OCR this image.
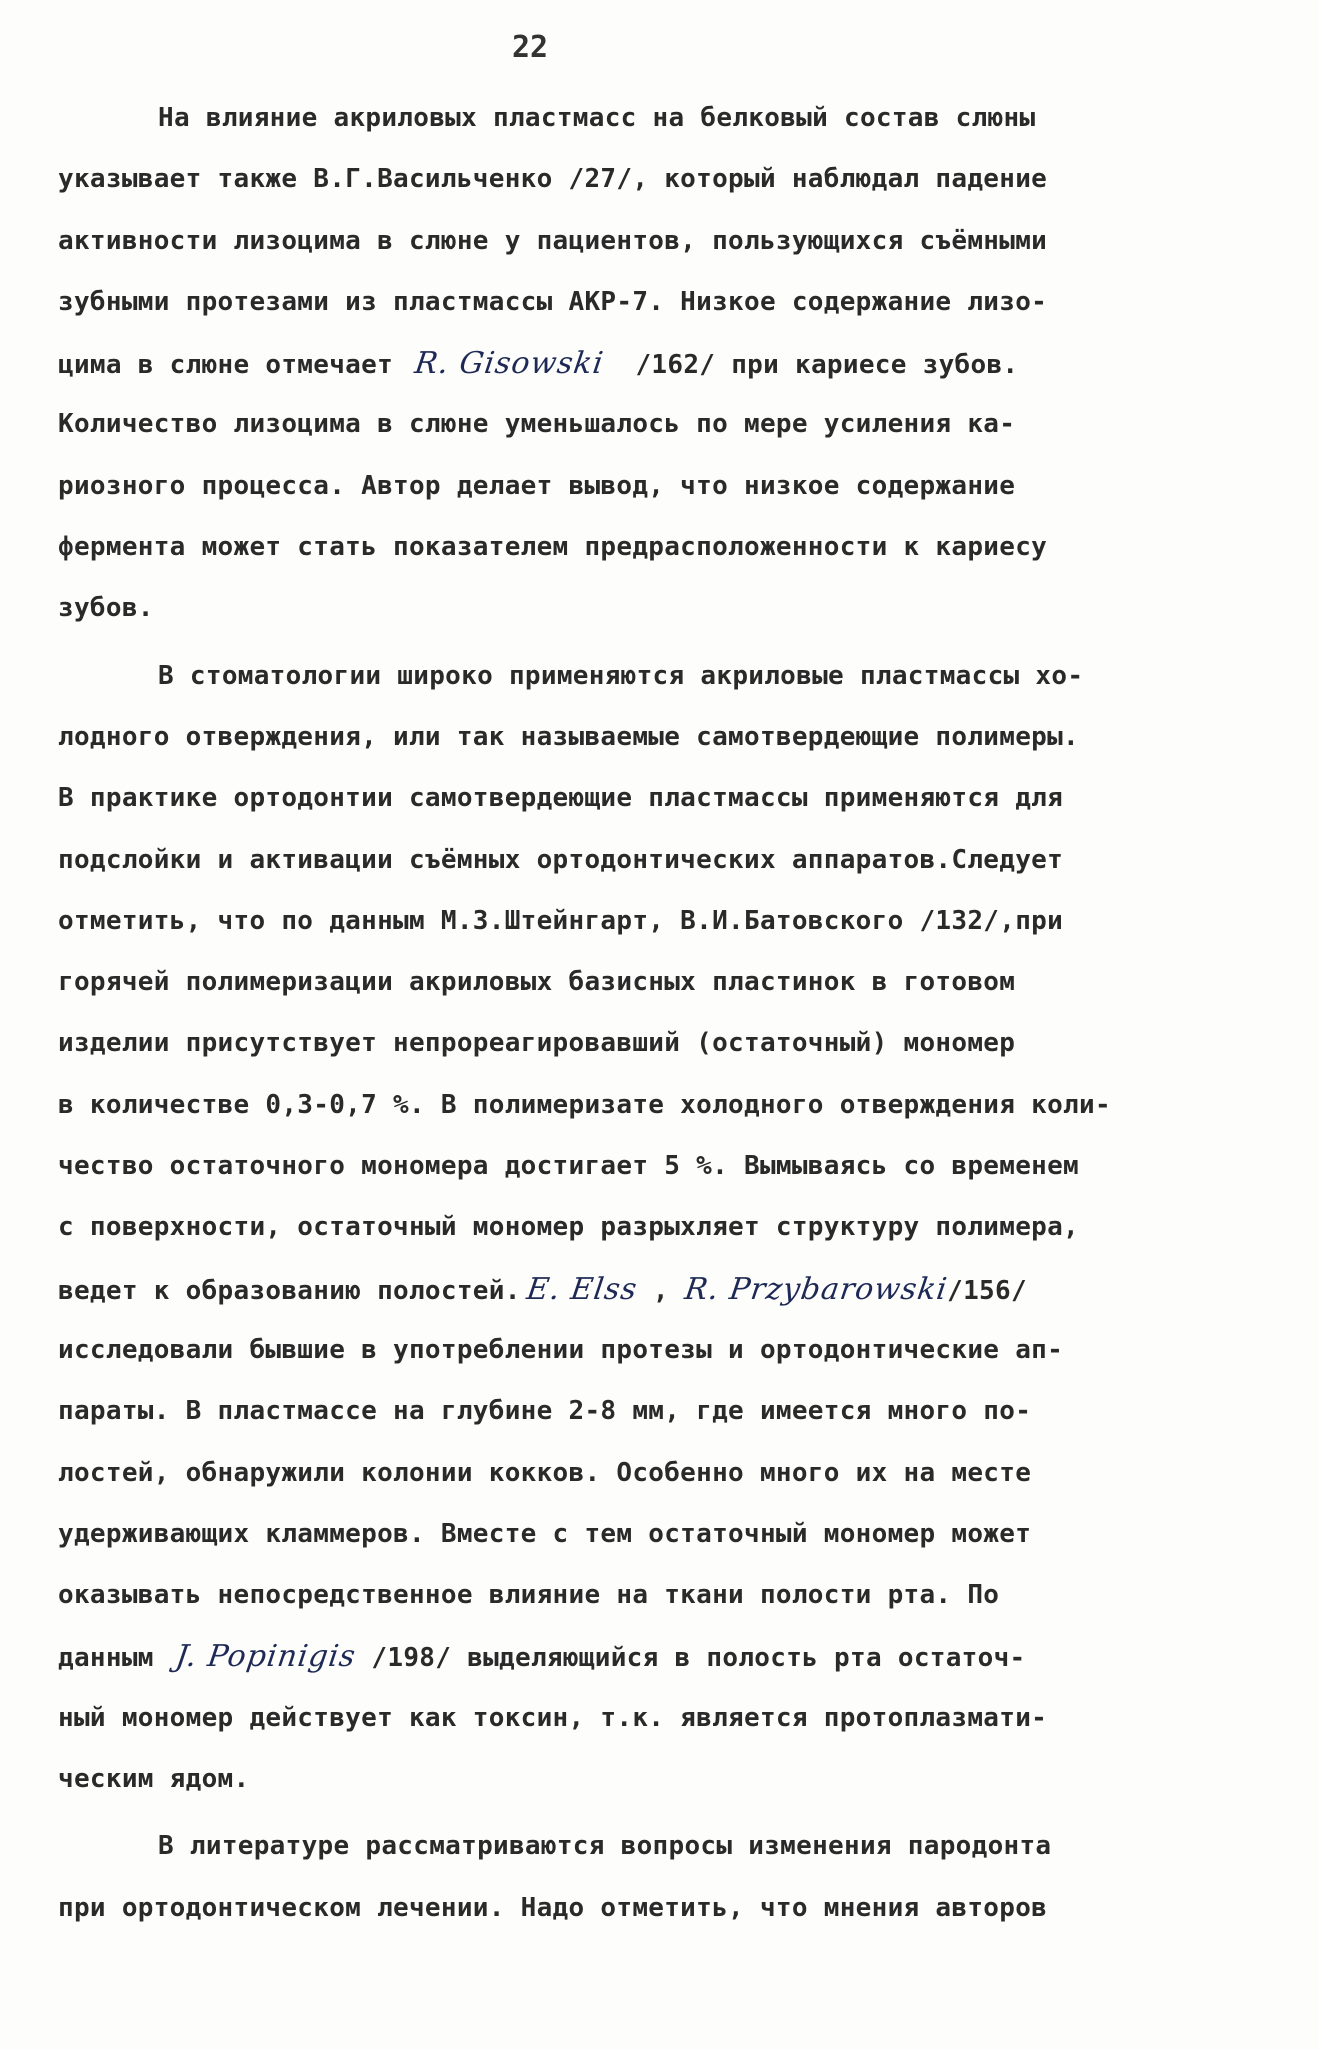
22
На влияние акриловых пластмасс на белковый состав слюны
указывает также В.Г.Васильченко /27/, который наблюдал падение
активности лизоцима в слюне у пациентов, пользующихся съёмными
зубными протезами из пластмассы АКР-7. Низкое содержание лизо-
цима в слюне отмечает R. Gisowski /162/ при кариесе зубов.
Количество лизоцима в слюне уменьшалось по мере усиления ка-
риозного процесса. Автор делает вывод, что низкое содержание
фермента может стать показателем предрасположенности к кариесу
зубов.
В стоматологии широко применяются акриловые пластмассы хо-
лодного отверждения, или так называемые самотвердеющие полимеры.
В практике ортодонтии самотвердеющие пластмассы применяются для
подслойки и активации съёмных ортодонтических аппаратов.Следует
отметить, что по данным М.З.Штейнгарт, В.И.Батовского /132/,при
горячей полимеризации акриловых базисных пластинок в готовом
изделии присутствует непрореагировавший (остаточный) мономер
в количестве 0,3-0,7 %. В полимеризате холодного отверждения коли-
чество остаточного мономера достигает 5 %. Вымываясь со временем
с поверхности, остаточный мономер разрыхляет структуру полимера,
ведет к образованию полостей. E. Elss , R. Przybarowski/156/
исследовали бывшие в употреблении протезы и ортодонтические ап-
параты. В пластмассе на глубине 2-8 мм, где имеется много по-
лостей, обнаружили колонии кокков. Особенно много их на месте
удерживающих кламмеров. Вместе с тем остаточный мономер может
оказывать непосредственное влияние на ткани полости рта. По
данным J. Popinigis /198/ выделяющийся в полость рта остаточ-
ный мономер действует как токсин, т.к. является протоплазмати-
ческим ядом.
В литературе рассматриваются вопросы изменения пародонта
при ортодонтическом лечении. Надо отметить, что мнения авторов
